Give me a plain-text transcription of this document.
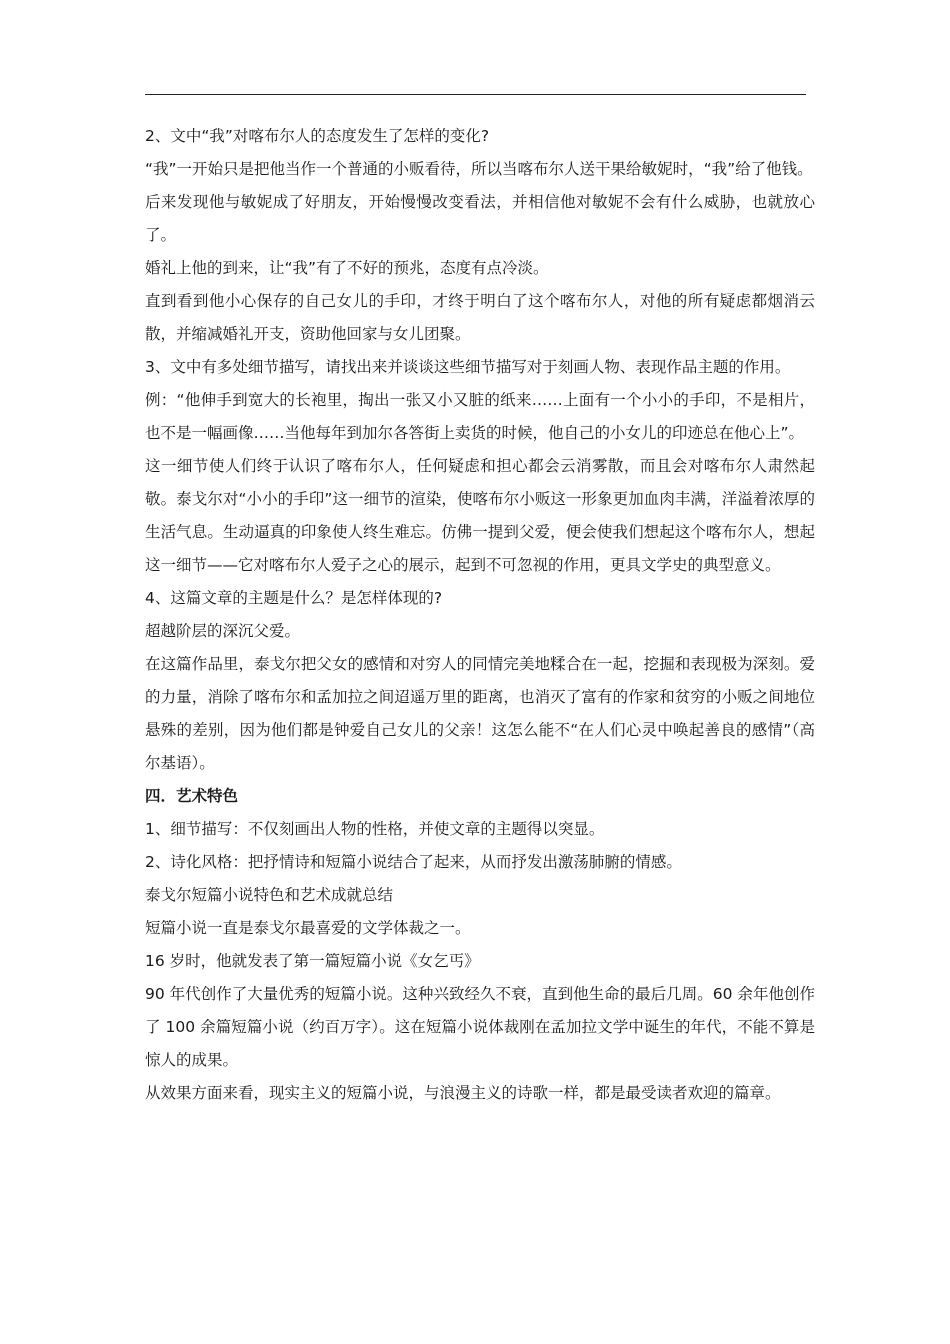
2、文中“我”对喀布尔人的态度发生了怎样的变化?

“我”一开始只是把他当作一个普通的小贩看待，所以当喀布尔人送干果给敏妮时，“我”给了他钱。

后来发现他与敏妮成了好朋友，开始慢慢改变看法，并相信他对敏妮不会有什么威胁，也就放心了。

婚礼上他的到来，让“我”有了不好的预兆，态度有点冷淡。

直到看到他小心保存的自己女儿的手印，才终于明白了这个喀布尔人，对他的所有疑虑都烟消云散，并缩减婚礼开支，资助他回家与女儿团聚。

3、文中有多处细节描写，请找出来并谈谈这些细节描写对于刻画人物、表现作品主题的作用。

例：“他伸手到宽大的长袍里，掏出一张又小又脏的纸来……上面有一个小小的手印，不是相片，也不是一幅画像……当他每年到加尔各答街上卖货的时候，他自己的小女儿的印迹总在他心上”。

这一细节使人们终于认识了喀布尔人，任何疑虑和担心都会云消雾散，而且会对喀布尔人肃然起敬。泰戈尔对“小小的手印”这一细节的渲染，使喀布尔小贩这一形象更加血肉丰满，洋溢着浓厚的生活气息。生动逼真的印象使人终生难忘。仿佛一提到父爱，便会使我们想起这个喀布尔人，想起这一细节——它对喀布尔人爱子之心的展示，起到不可忽视的作用，更具文学史的典型意义。

4、这篇文章的主题是什么？是怎样体现的?

超越阶层的深沉父爱。

在这篇作品里，泰戈尔把父女的感情和对穷人的同情完美地糅合在一起，挖掘和表现极为深刻。爱的力量，消除了喀布尔和孟加拉之间迢遥万里的距离，也消灭了富有的作家和贫穷的小贩之间地位悬殊的差别，因为他们都是钟爱自己女儿的父亲！这怎么能不“在人们心灵中唤起善良的感情”（高尔基语）。

四．艺术特色

1、细节描写：不仅刻画出人物的性格，并使文章的主题得以突显。

2、诗化风格：把抒情诗和短篇小说结合了起来，从而抒发出激荡肺腑的情感。

泰戈尔短篇小说特色和艺术成就总结

短篇小说一直是泰戈尔最喜爱的文学体裁之一。

16 岁时，他就发表了第一篇短篇小说《女乞丐》

90 年代创作了大量优秀的短篇小说。这种兴致经久不衰，直到他生命的最后几周。60 余年他创作了 100 余篇短篇小说（约百万字）。这在短篇小说体裁刚在孟加拉文学中诞生的年代，不能不算是惊人的成果。

从效果方面来看，现实主义的短篇小说，与浪漫主义的诗歌一样，都是最受读者欢迎的篇章。
